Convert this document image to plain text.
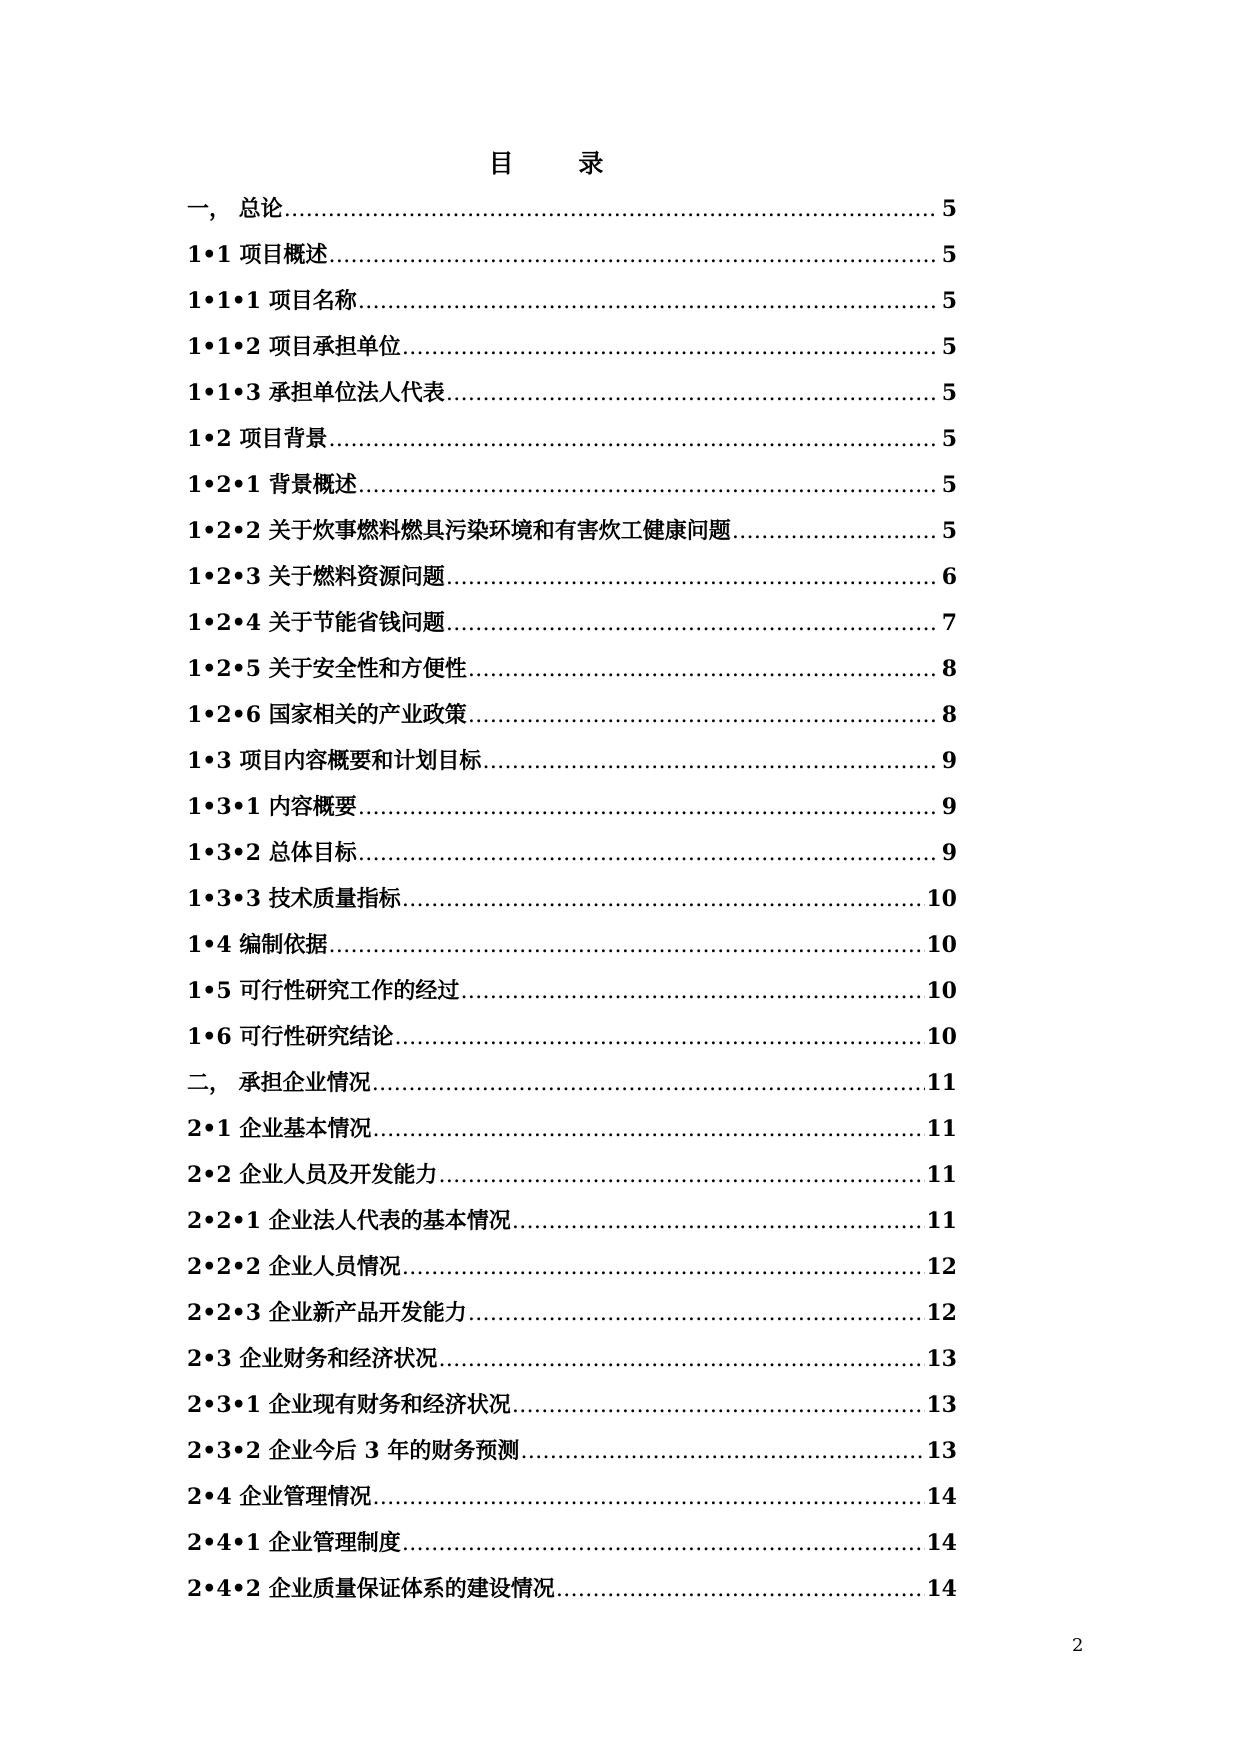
目 录
一， 总论 …………………………………………………………………………………………………………………………………………………………………………………………………………………………………………	5
1•1 项目概述 …………………………………………………………………………………………………………………………………………………………………………………………………………………………………………	5
1•1•1 项目名称 …………………………………………………………………………………………………………………………………………………………………………………………………………………………………………	5
1•1•2 项目承担单位 …………………………………………………………………………………………………………………………………………………………………………………………………………………………………………	5
1•1•3 承担单位法人代表 …………………………………………………………………………………………………………………………………………………………………………………………………………………………………………	5
1•2 项目背景 …………………………………………………………………………………………………………………………………………………………………………………………………………………………………………	5
1•2•1 背景概述 …………………………………………………………………………………………………………………………………………………………………………………………………………………………………………	5
1•2•2 关于炊事燃料燃具污染环境和有害炊工健康问题 …………………………………………………………………………………………………………………………………………………………………………………………………………………………………………	5
1•2•3 关于燃料资源问题 …………………………………………………………………………………………………………………………………………………………………………………………………………………………………………	6
1•2•4 关于节能省钱问题 …………………………………………………………………………………………………………………………………………………………………………………………………………………………………………	7
1•2•5 关于安全性和方便性 …………………………………………………………………………………………………………………………………………………………………………………………………………………………………………	8
1•2•6 国家相关的产业政策 …………………………………………………………………………………………………………………………………………………………………………………………………………………………………………	8
1•3 项目内容概要和计划目标 …………………………………………………………………………………………………………………………………………………………………………………………………………………………………………	9
1•3•1 内容概要 …………………………………………………………………………………………………………………………………………………………………………………………………………………………………………	9
1•3•2 总体目标 …………………………………………………………………………………………………………………………………………………………………………………………………………………………………………	9
1•3•3 技术质量指标 …………………………………………………………………………………………………………………………………………………………………………………………………………………………………………	10
1•4 编制依据 …………………………………………………………………………………………………………………………………………………………………………………………………………………………………………	10
1•5 可行性研究工作的经过 …………………………………………………………………………………………………………………………………………………………………………………………………………………………………………	10
1•6 可行性研究结论 …………………………………………………………………………………………………………………………………………………………………………………………………………………………………………	10
二， 承担企业情况 …………………………………………………………………………………………………………………………………………………………………………………………………………………………………………	11
2•1 企业基本情况 …………………………………………………………………………………………………………………………………………………………………………………………………………………………………………	11
2•2 企业人员及开发能力 …………………………………………………………………………………………………………………………………………………………………………………………………………………………………………	11
2•2•1 企业法人代表的基本情况 …………………………………………………………………………………………………………………………………………………………………………………………………………………………………………	11
2•2•2 企业人员情况 …………………………………………………………………………………………………………………………………………………………………………………………………………………………………………	12
2•2•3 企业新产品开发能力 …………………………………………………………………………………………………………………………………………………………………………………………………………………………………………	12
2•3 企业财务和经济状况 …………………………………………………………………………………………………………………………………………………………………………………………………………………………………………	13
2•3•1 企业现有财务和经济状况 …………………………………………………………………………………………………………………………………………………………………………………………………………………………………………	13
2•3•2 企业今后 3 年的财务预测 …………………………………………………………………………………………………………………………………………………………………………………………………………………………………………	13
2•4 企业管理情况 …………………………………………………………………………………………………………………………………………………………………………………………………………………………………………	14
2•4•1 企业管理制度 …………………………………………………………………………………………………………………………………………………………………………………………………………………………………………	14
2•4•2 企业质量保证体系的建设情况 …………………………………………………………………………………………………………………………………………………………………………………………………………………………………………	14
2
